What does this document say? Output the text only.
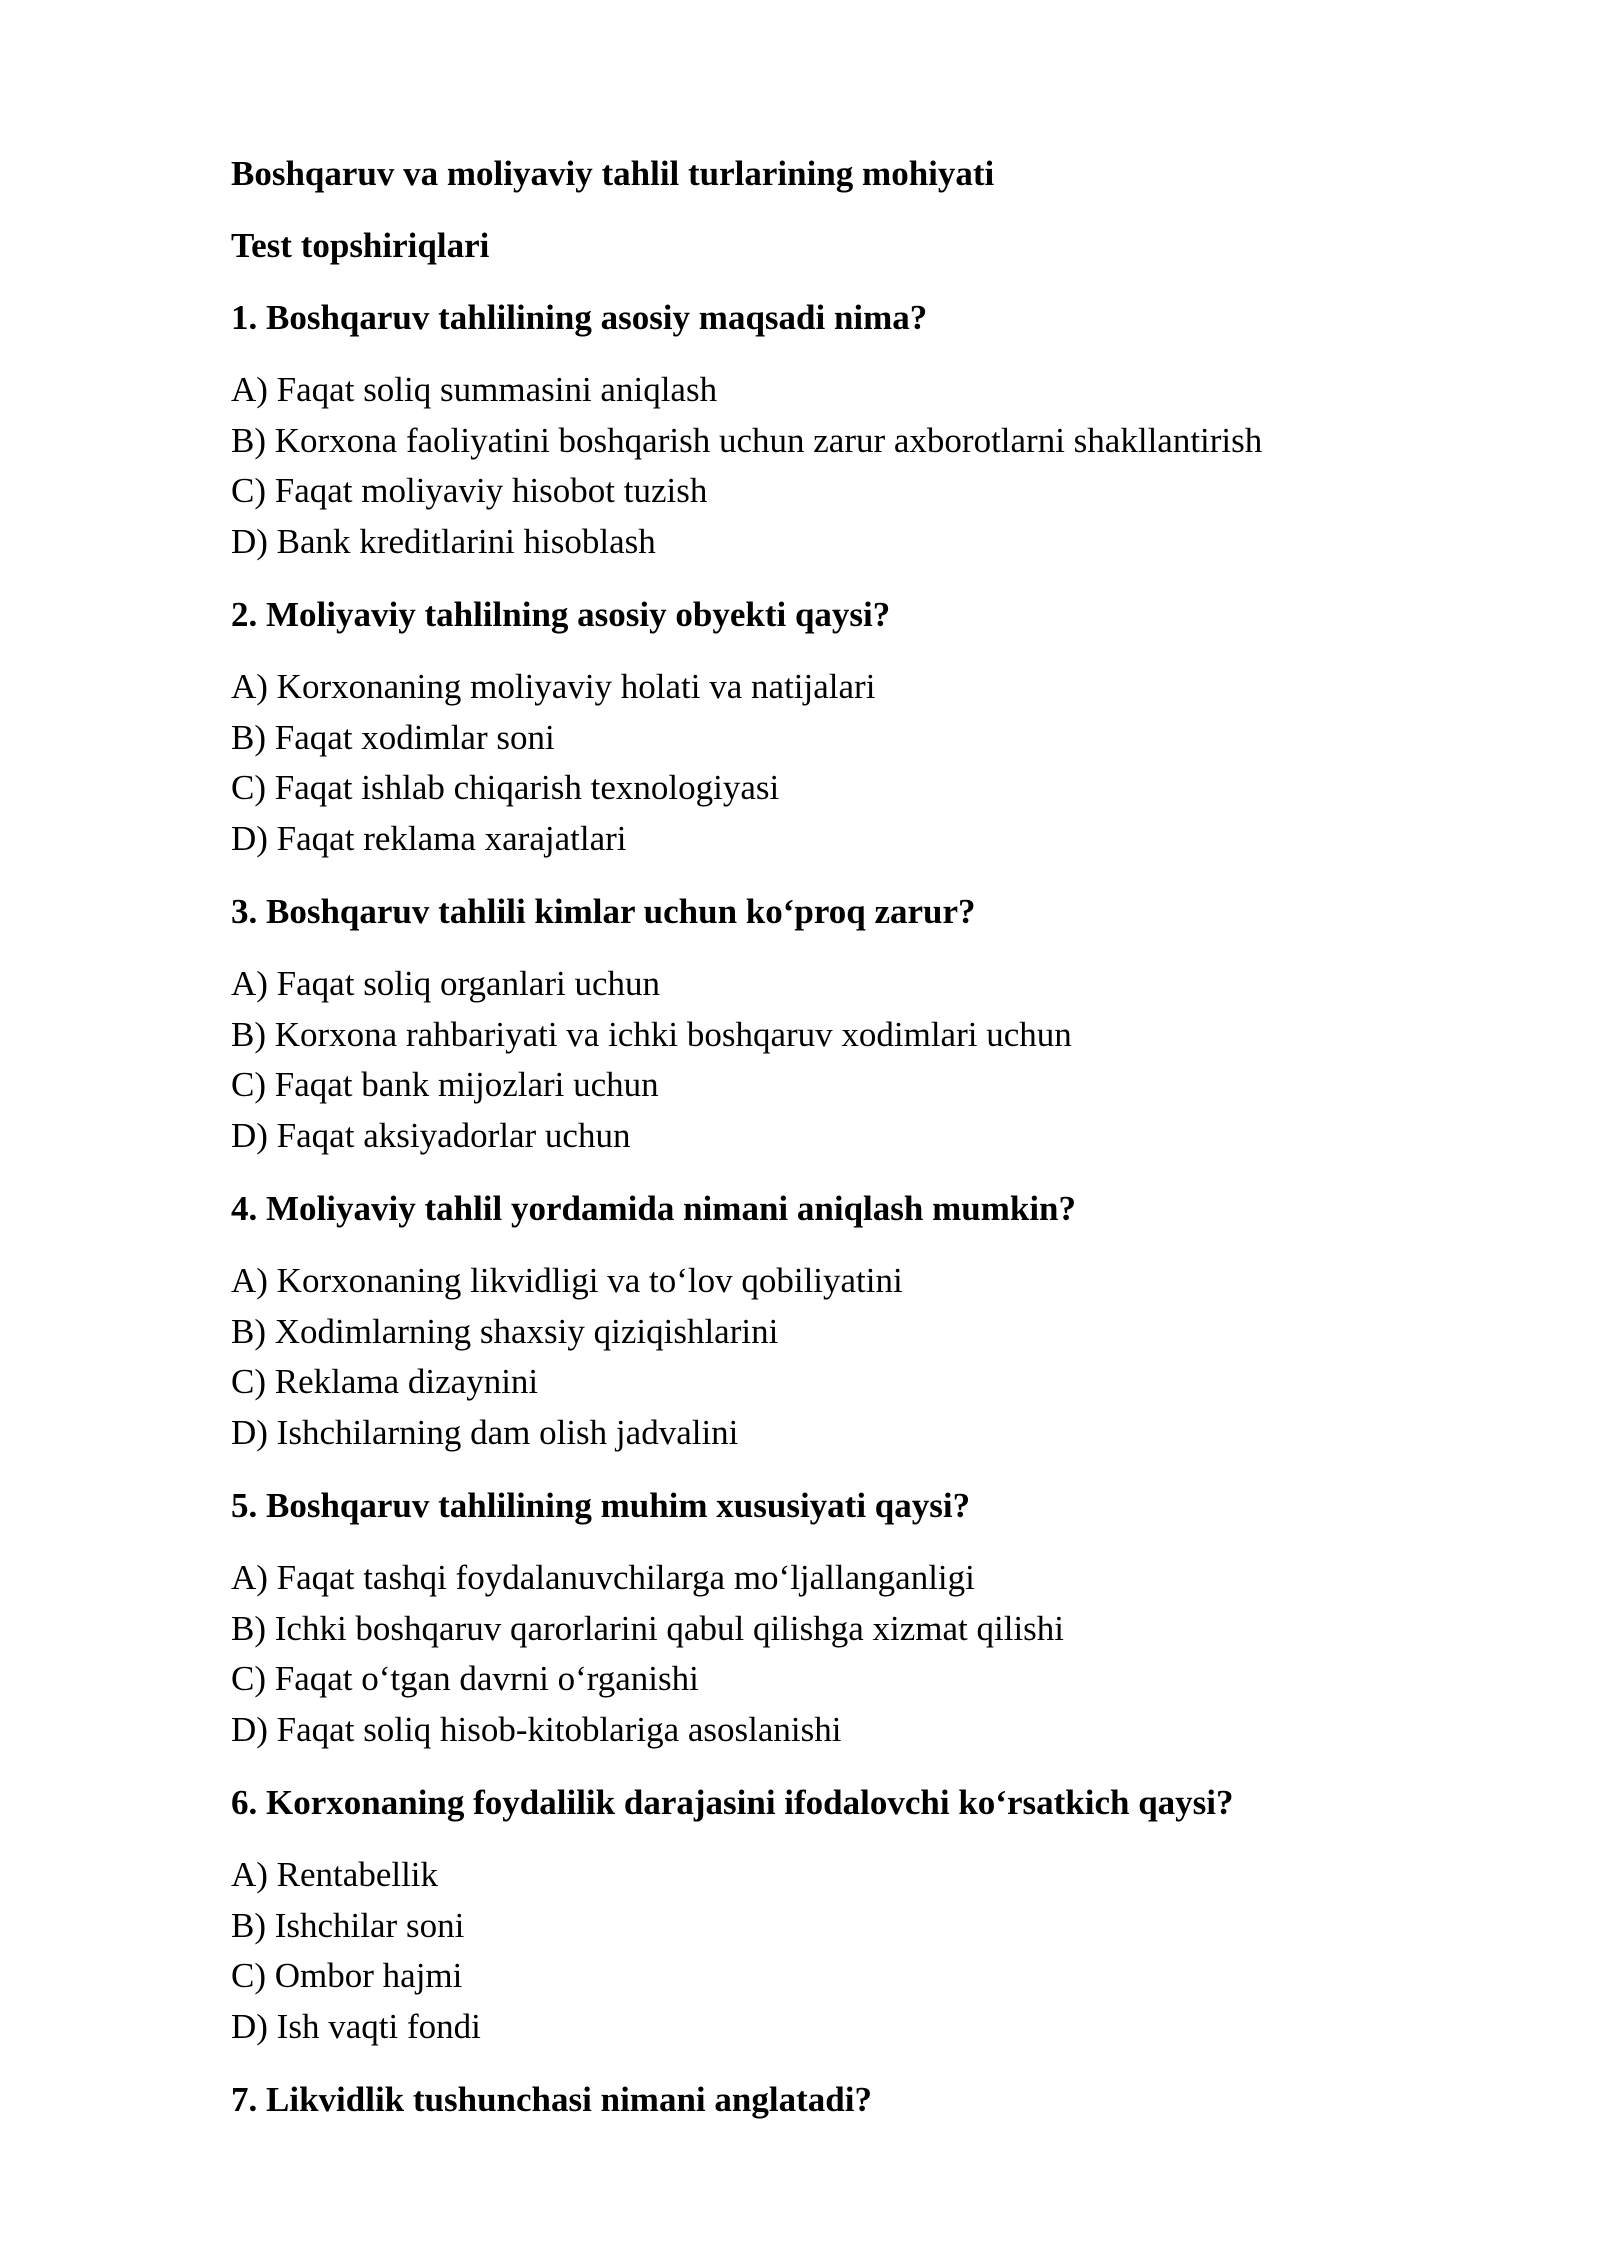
Boshqaruv va moliyaviy tahlil turlarining mohiyati

Test topshiriqlari

1. Boshqaruv tahlilining asosiy maqsadi nima?

A) Faqat soliq summasini aniqlash
B) Korxona faoliyatini boshqarish uchun zarur axborotlarni shakllantirish
C) Faqat moliyaviy hisobot tuzish
D) Bank kreditlarini hisoblash

2. Moliyaviy tahlilning asosiy obyekti qaysi?

A) Korxonaning moliyaviy holati va natijalari
B) Faqat xodimlar soni
C) Faqat ishlab chiqarish texnologiyasi
D) Faqat reklama xarajatlari

3. Boshqaruv tahlili kimlar uchun ko‘proq zarur?

A) Faqat soliq organlari uchun
B) Korxona rahbariyati va ichki boshqaruv xodimlari uchun
C) Faqat bank mijozlari uchun
D) Faqat aksiyadorlar uchun

4. Moliyaviy tahlil yordamida nimani aniqlash mumkin?

A) Korxonaning likvidligi va to‘lov qobiliyatini
B) Xodimlarning shaxsiy qiziqishlarini
C) Reklama dizaynini
D) Ishchilarning dam olish jadvalini

5. Boshqaruv tahlilining muhim xususiyati qaysi?

A) Faqat tashqi foydalanuvchilarga mo‘ljallanganligi
B) Ichki boshqaruv qarorlarini qabul qilishga xizmat qilishi
C) Faqat o‘tgan davrni o‘rganishi
D) Faqat soliq hisob-kitoblariga asoslanishi

6. Korxonaning foydalilik darajasini ifodalovchi ko‘rsatkich qaysi?

A) Rentabellik
B) Ishchilar soni
C) Ombor hajmi
D) Ish vaqti fondi

7. Likvidlik tushunchasi nimani anglatadi?
